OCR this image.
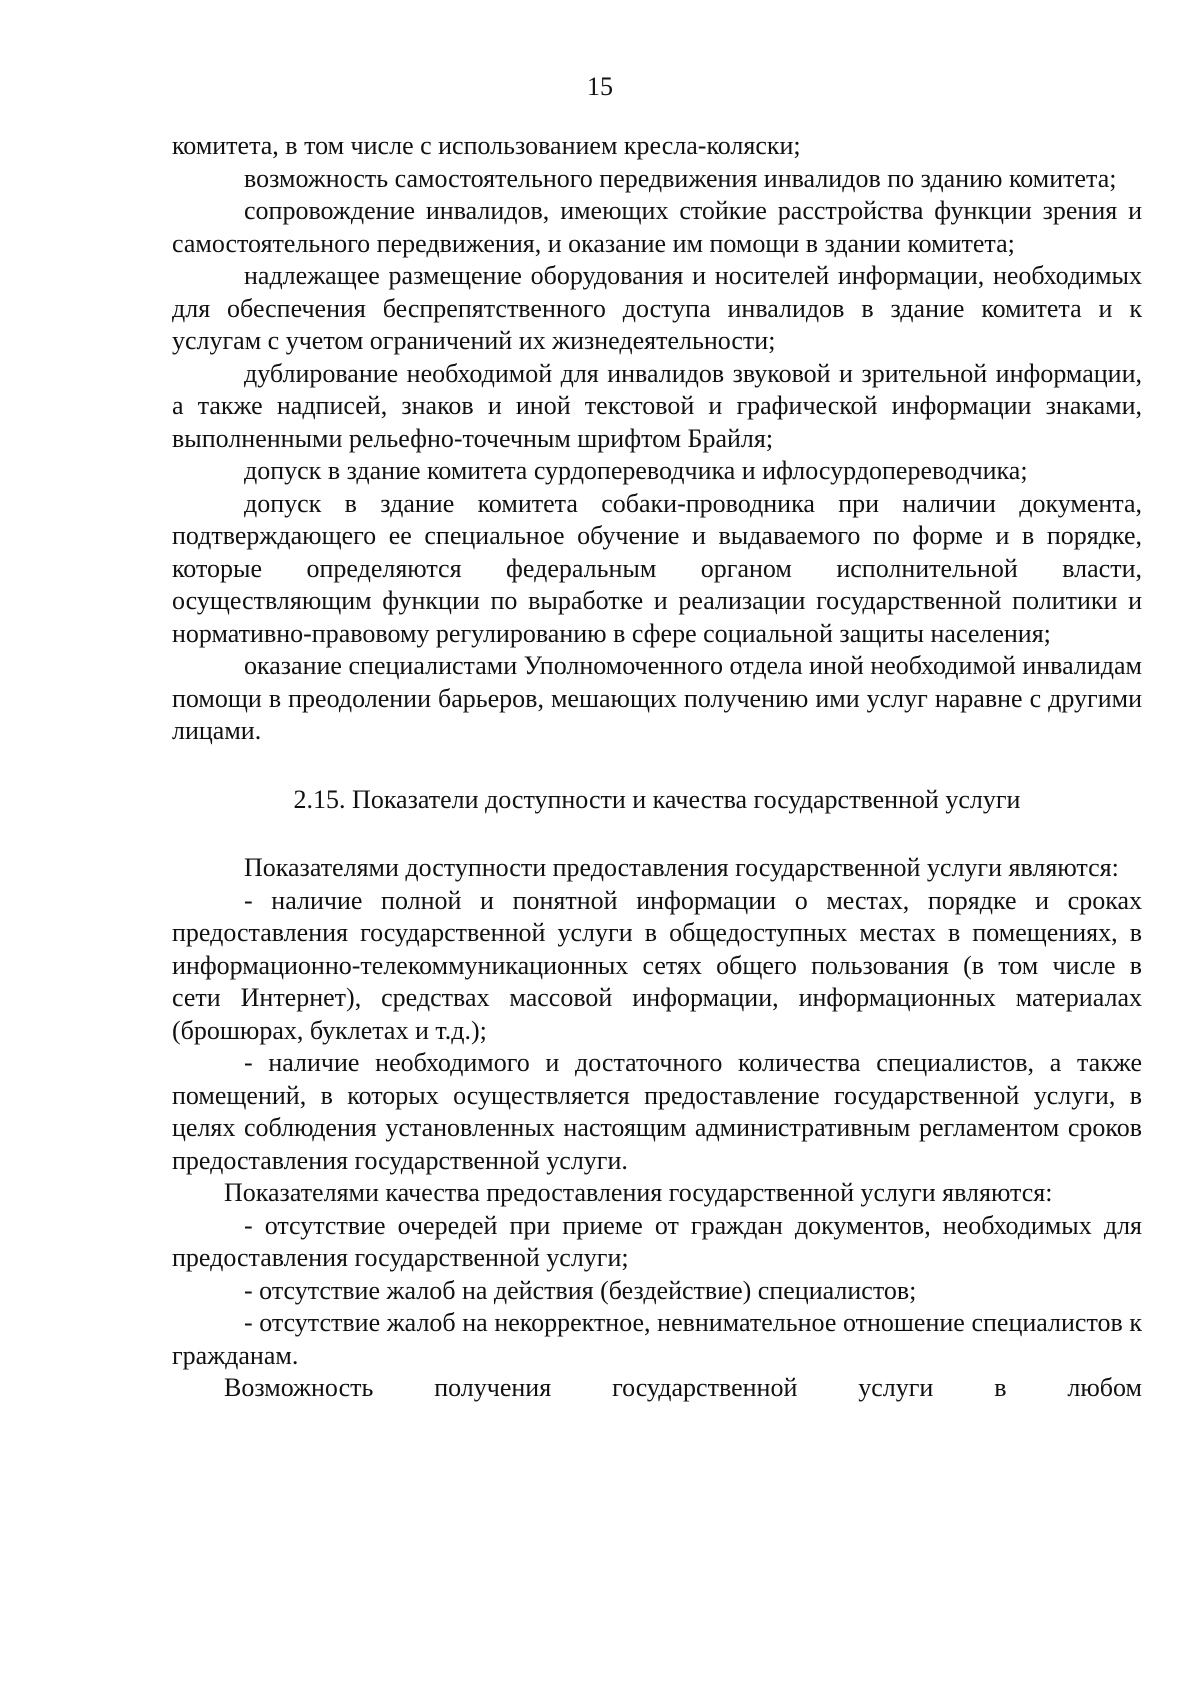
15

комитета, в том числе с использованием кресла-коляски;

возможность самостоятельного передвижения инвалидов по зданию комитета;

сопровождение инвалидов, имеющих стойкие расстройства функции зрения и самостоятельного передвижения, и оказание им помощи в здании комитета;

надлежащее размещение оборудования и носителей информации, необходимых для обеспечения беспрепятственного доступа инвалидов в здание комитета и к услугам с учетом ограничений их жизнедеятельности;

дублирование необходимой для инвалидов звуковой и зрительной информации, а также надписей, знаков и иной текстовой и графической информации знаками, выполненными рельефно-точечным шрифтом Брайля;

допуск в здание комитета сурдопереводчика и ифлосурдопереводчика;

допуск в здание комитета собаки-проводника при наличии документа, подтверждающего ее специальное обучение и выдаваемого по форме и в порядке, которые определяются федеральным органом исполнительной власти, осуществляющим функции по выработке и реализации государственной политики и нормативно-правовому регулированию в сфере социальной защиты населения;

оказание специалистами Уполномоченного отдела иной необходимой инвалидам помощи в преодолении барьеров, мешающих получению ими услуг наравне с другими лицами.

2.15. Показатели доступности и качества государственной услуги

Показателями доступности предоставления государственной услуги являются:

- наличие полной и понятной информации о местах, порядке и сроках предоставления государственной услуги в общедоступных местах в помещениях, в информационно-телекоммуникационных сетях общего пользования (в том числе в сети Интернет), средствах массовой информации, информационных материалах (брошюрах, буклетах и т.д.);

- наличие необходимого и достаточного количества специалистов, а также помещений, в которых осуществляется предоставление государственной услуги, в целях соблюдения установленных настоящим административным регламентом сроков предоставления государственной услуги.

Показателями качества предоставления государственной услуги являются:

- отсутствие очередей при приеме от граждан документов, необходимых для предоставления государственной услуги;

- отсутствие жалоб на действия (бездействие) специалистов;

- отсутствие жалоб на некорректное, невнимательное отношение специалистов к гражданам.

Возможность получения государственной услуги в любом
